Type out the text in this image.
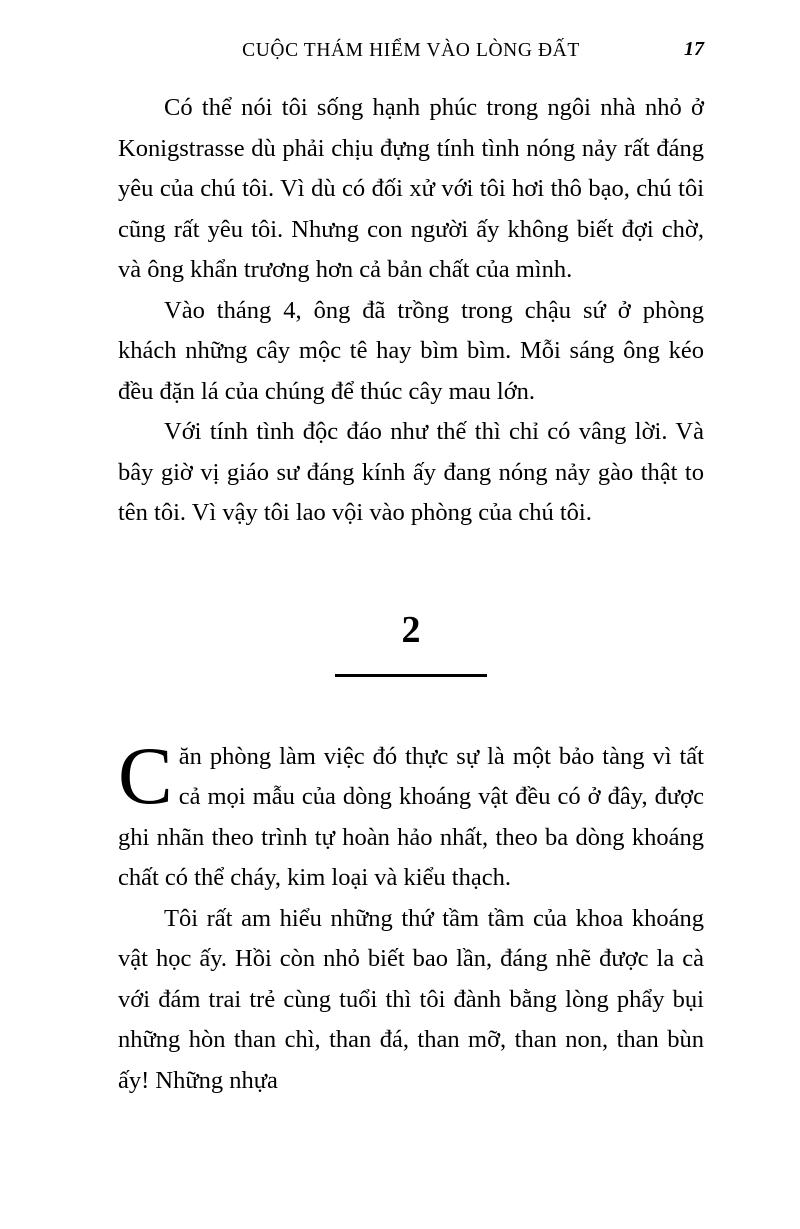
CUỘC THÁM HIỂM VÀO LÒNG ĐẤT	17

Có thể nói tôi sống hạnh phúc trong ngôi nhà nhỏ ở Konigstrasse dù phải chịu đựng tính tình nóng nảy rất đáng yêu của chú tôi. Vì dù có đối xử với tôi hơi thô bạo, chú tôi cũng rất yêu tôi. Nhưng con người ấy không biết đợi chờ, và ông khẩn trương hơn cả bản chất của mình.

Vào tháng 4, ông đã trồng trong chậu sứ ở phòng khách những cây mộc tê hay bìm bìm. Mỗi sáng ông kéo đều đặn lá của chúng để thúc cây mau lớn.

Với tính tình độc đáo như thế thì chỉ có vâng lời. Và bây giờ vị giáo sư đáng kính ấy đang nóng nảy gào thật to tên tôi. Vì vậy tôi lao vội vào phòng của chú tôi.

2
Căn phòng làm việc đó thực sự là một bảo tàng vì tất cả mọi mẫu của dòng khoáng vật đều có ở đây, được ghi nhãn theo trình tự hoàn hảo nhất, theo ba dòng khoáng chất có thể cháy, kim loại và kiểu thạch.

Tôi rất am hiểu những thứ tầm tầm của khoa khoáng vật học ấy. Hồi còn nhỏ biết bao lần, đáng nhẽ được la cà với đám trai trẻ cùng tuổi thì tôi đành bằng lòng phẩy bụi những hòn than chì, than đá, than mỡ, than non, than bùn ấy! Những nhựa
